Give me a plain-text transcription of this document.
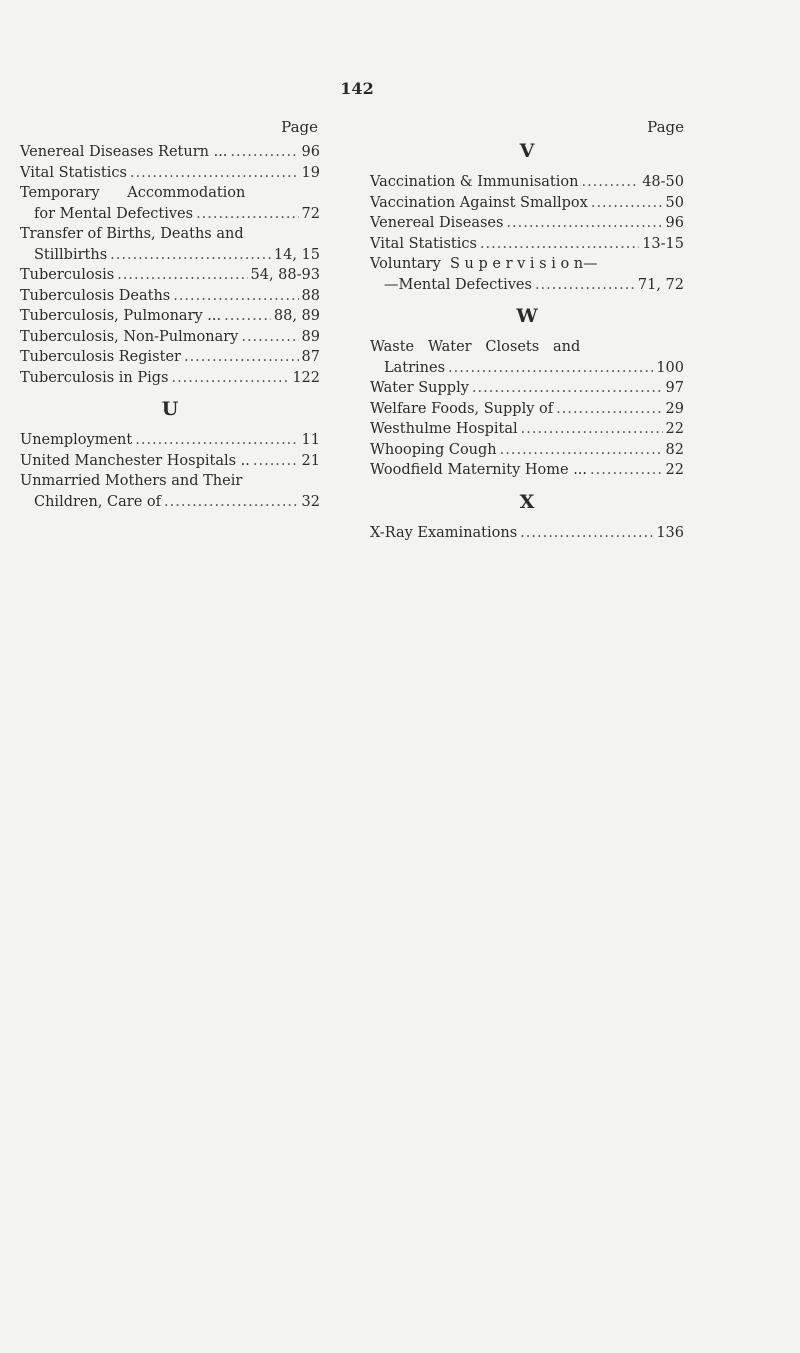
142
Page
Venereal Diseases Return ... .....	96
Vital Statistics .....	19
Temporary      Accommodation
for Mental Defectives .....	72
Transfer of Births, Deaths and
Stillbirths .....	14, 15
Tuberculosis .....	54, 88-93
Tuberculosis Deaths .....	88
Tuberculosis, Pulmonary ... .....	88, 89
Tuberculosis, Non-Pulmonary .....	89
Tuberculosis Register .....	87
Tuberculosis in Pigs .....	122
U
Unemployment .....	11
United Manchester Hospitals .. .....	21
Unmarried Mothers and Their
Children, Care of .....	32
Page
V
Vaccination & Immunisation .....	48-50
Vaccination Against Smallpox .....	50
Venereal Diseases .....	96
Vital Statistics .....	13-15
Voluntary  S u p e r v i s i o n—
—Mental Defectives .....	71, 72
W
Waste   Water   Closets   and
Latrines .....	100
Water Supply .....	97
Welfare Foods, Supply of .....	29
Westhulme Hospital .....	22
Whooping Cough .....	82
Woodfield Maternity Home ... .....	22
X
X-Ray Examinations .....	136
